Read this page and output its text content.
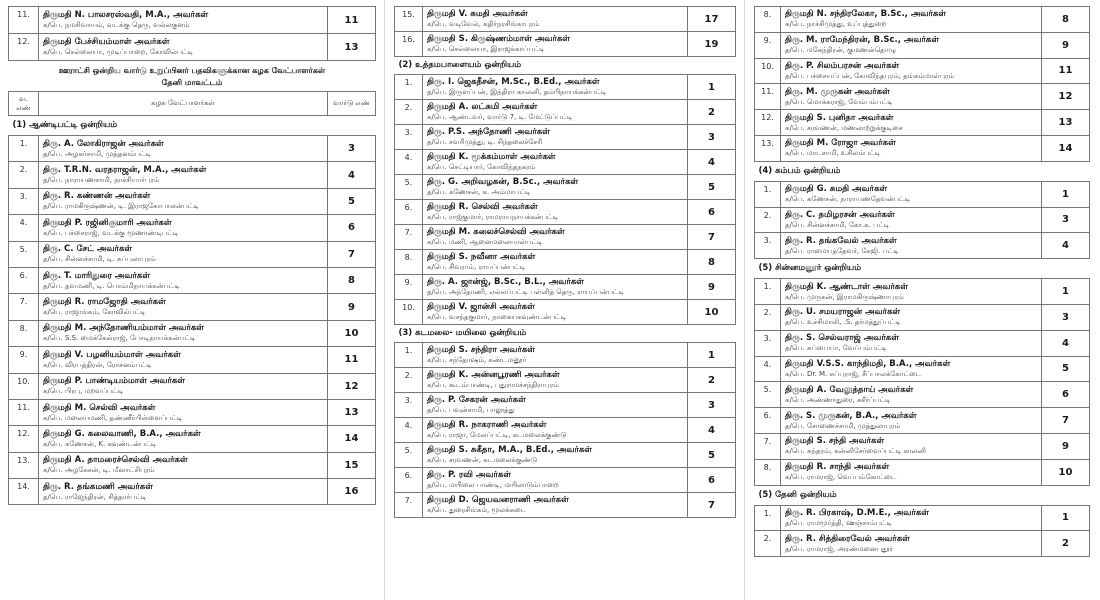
11.	திருமதி N. பாலசரஸ்வதி, M.A., அவர்கள்
க/பெ. நமசிவாயம், வடக்கு தெரு, வல்லகுளம்	11
12.	திருமதி பேச்சியம்மாள் அவர்கள்
க/பெ. செல்லையா, முடிப்பாறை, கோவில்பட்டி	13
ஊராட்சி ஒன்றிய வார்டு உறுப்பினர் பதவிகளுக்கான கழக வேட்பாளர்கள்
தேனி மாவட்டம்
வ. எண்	கழக வேட்பாளர்கள்	வார்டு எண்
(1) ஆண்டிபட்டி ஒன்றியம்		
1.	திரு. A. லோகிராஜன் அவர்கள்
த/பெ. அழகர்சாமி, முத்தனம்பட்டி	3
2.	திரு. T.R.N. வரதராஜன், M.A., அவர்கள்
த/பெ. நாராயணசாமி, நாச்சியார்புரம்	4
3.	திரு. R. கண்ணன் அவர்கள்
த/பெ. ராமகிருஷ்ணன், டி. இராஜகோபாலன்பட்டி	5
4.	திருமதி P. ரஜினிகுமாரி அவர்கள்
க/பெ. பச்சைராஜ், வடக்கு மூணாண்டிபட்டி	6
5.	திரு. C. சேட் அவர்கள்
த/பெ. சின்னச்சாமி, டி. சுப்புலாபுரம்	7
6.	திரு. T. மாரிதுரை அவர்கள்
த/பெ. தவமணி, டி. பொம்மிநாயக்கன்பட்டி	8
7.	திருமதி R. ராமஜோதி அவர்கள்
க/பெ. ராஜாங்கம், கோவில்பட்டி	9
8.	திருமதி M. அந்தோணியம்மாள் அவர்கள்
க/பெ. S.S. மைக்கேல்ராஜ், போடிநாயக்கன்பட்டி	10
9.	திருமதி V. பழனியம்மாள் அவர்கள்
க/பெ. விரபத்திரன், ரோசனம்பட்டி	11
10.	திருமதி P. பாண்டியம்மாள் அவர்கள்
க/பெ. பிரபு, மறவப்பட்டி	12
11.	திருமதி M. செல்வி அவர்கள்
க/பெ. மலையமணி, தண்ணீர்பிள்ளைப்பட்டி	13
12.	திருமதி G. கலைவாணி, B.A., அவர்கள்
க/பெ. கணேசன், K. கவுண்டன்பட்டி	14
13.	திருமதி A. தாமரைச்செல்வி அவர்கள்
க/பெ. அழகேசன், டி. மீனாட்சிபுரம்	15
14.	திரு. R. தங்கமணி அவர்கள்
த/பெ. ராஜேந்திரன், சித்தார்பட்டி	16
15.	திருமதி V. சுமதி அவர்கள்
க/பெ. வடிவேல், கதிர்நரசிங்காபுரம்	17
16.	திருமதி S. கிருஷ்ணம்மாள் அவர்கள்
க/பெ. செல்லையா, இராஜக்காப்பட்டி	19
(2) உத்தமபாளையம் ஒன்றியம்		
1.	திரு. I. ஜெகதீசன், M.Sc., B.Ed., அவர்கள்
த/பெ. இருளப்பன், இந்திரா காலனி, தம்பிநாயக்கன்பட்டி	1
2.	திருமதி A. லட்சுமி அவர்கள்
க/பெ. ஆண்டவர், வார்டு 7, டி. மேட்டுப்பட்டி	2
3.	திரு. P.S. அந்தோணி அவர்கள்
த/பெ. சவரிமுத்து, டி. சிந்தலைச்சேரி	3
4.	திருமதி K. மூக்கம்மாள் அவர்கள்
க/பெ. செட்டியார், கோவிந்தநகரம்	4
5.	திரு. G. அறிவழகன், B.Sc., அவர்கள்
த/பெ. கணேசன், க. அம்மாபட்டி	5
6.	திருமதி R. செல்வி அவர்கள்
க/பெ. ராஜ்குமார், ராமராயநாயக்கன்பட்டி	6
7.	திருமதி M. கலைச்செல்வி அவர்கள்
க/பெ. மணி, ஆனைமலையான்பட்டி	7
8.	திருமதி S. நவீனா அவர்கள்
க/பெ. சிவராம், ராயப்பன்பட்டி	8
9.	திரு. A. ஜான்ஜ், B.Sc., B.L., அவர்கள்
த/பெ. அந்தோணி, எல்லப்பட்டி பள்ளித் தெரு, ராயப்பன்பட்டி	9
10.	திருமதி V. ஜான்சி அவர்கள்
க/பெ. வசந்தகுமார், நாகையகவுண்டன்பட்டி	10
(3) கடமலை- மயிலை ஒன்றியம்		
1.	திருமதி S. சந்திரா அவர்கள்
க/பெ. சந்தோஷம், கண்டமனூர்	1
2.	திருமதி K. அன்னபூரணி அவர்கள்
க/பெ. கூடம்பாண்டி, புதுராமச்சந்திராபுரம்	2
3.	திரு. P. சேகரன் அவர்கள்
த/பெ. பவுன்சாமி, பாலூத்து	3
4.	திருமதி R. நாகராணி அவர்கள்
க/பெ. ராஜா, மேலப்பட்டி, கடமலைக்குண்டு	4
5.	திருமதி S. சுகீதா, M.A., B.Ed., அவர்கள்
க/பெ. சரவணன், கடமலைக்குண்டு	5
6.	திரு. P. ரவி அவர்கள்
த/பெ. மயிலை பாண்டி, மயிலாடும்பாறை	6
7.	திருமதி D. ஜெயவனராணி அவர்கள்
க/பெ. துரைசிங்கம், மூலக்கடை	7
8.	திருமதி N. சந்திரலேகா, B.Sc., அவர்கள்
க/பெ. நாச்சிமுத்து, உப்புத்துறை	8
9.	திரு. M. ராமேந்திரன், B.Sc., அவர்கள்
த/பெ. மகேந்திரன், குமணன்தொழு	9
10.	திரு. P. சிலம்பரசன் அவர்கள்
த/பெ. பச்சையப்பன், கோவிந்தபுரம், தங்கம்மாள்புரம்	11
11.	திரு. M. முருகன் அவர்கள்
த/பெ. மொக்கராஜ், வேம்பம்பட்டி	12
12.	திருமதி S. புனிதா அவர்கள்
க/பெ. சரவணன், மணலாற்றுக்குடிசை	13
13.	திருமதி M. ரோஜா அவர்கள்
க/பெ. மாடசாமி, உசிலம்பட்டி	14
(4) கம்பம் ஒன்றியம்		
1.	திருமதி G. சுமதி அவர்கள்
க/பெ. கணேசன், நாராயணதேவன்பட்டி	1
2.	திரு. C. தமிழரசன் அவர்கள்
த/பெ. சின்னச்சாமி, கோ.க. பட்டி	3
3.	திரு. R. தங்கவேல் அவர்கள்
த/பெ. ராமையத்தேவர், கேஜி. பட்டி	4
(5) சின்னமனூர் ஒன்றியம்		
1.	திருமதி K. ஆண்டாள் அவர்கள்
க/பெ. முருகன், இராமகிருஷ்ணாபுரம்	1
2.	திரு. U. சமயராஜன் அவர்கள்
த/பெ. உச்சிமாலி, .S. தர்மத்துப்பட்டி	3
3.	திரு. S. செல்வராஜ் அவர்கள்
த/பெ. சுப்பையா, வேப்பம்பட்டி	4
4.	திருமதி V.S.S. காந்திமதி, B.A., அவர்கள்
க/பெ. Dr. M. சுப்புராஜ், சீப்பாலக்கோட்டை	5
5.	திருமதி A. வேலுத்தாய் அவர்கள்
க/பெ. அண்ணாதுரை, சுசீர்ப்பட்டி	6
6.	திரு. S. முருகன், B.A., அவர்கள்
த/பெ. சோணைச்சாமி, முத்துலாபுரம்	7
7.	திருமதி S. சந்தி அவர்கள்
க/பெ. சுந்தரம், கன்னிசேர்வைப்பட்டி காலனி	9
8.	திருமதி R. சாந்தி அவர்கள்
க/பெ. ராமராஜ், வெப்பம்கோட்டை	10
(5) தேனி ஒன்றியம்		
1.	திரு. R. பிரகாஷ், D.M.E., அவர்கள்
த/பெ. ராமமூர்த்தி, ஊஞ்சாம்பட்டி	1
2.	திரு. R. சித்திரைவேல் அவர்கள்
த/பெ. ராமராஜ், அரண்மனைபுதூர்	2
